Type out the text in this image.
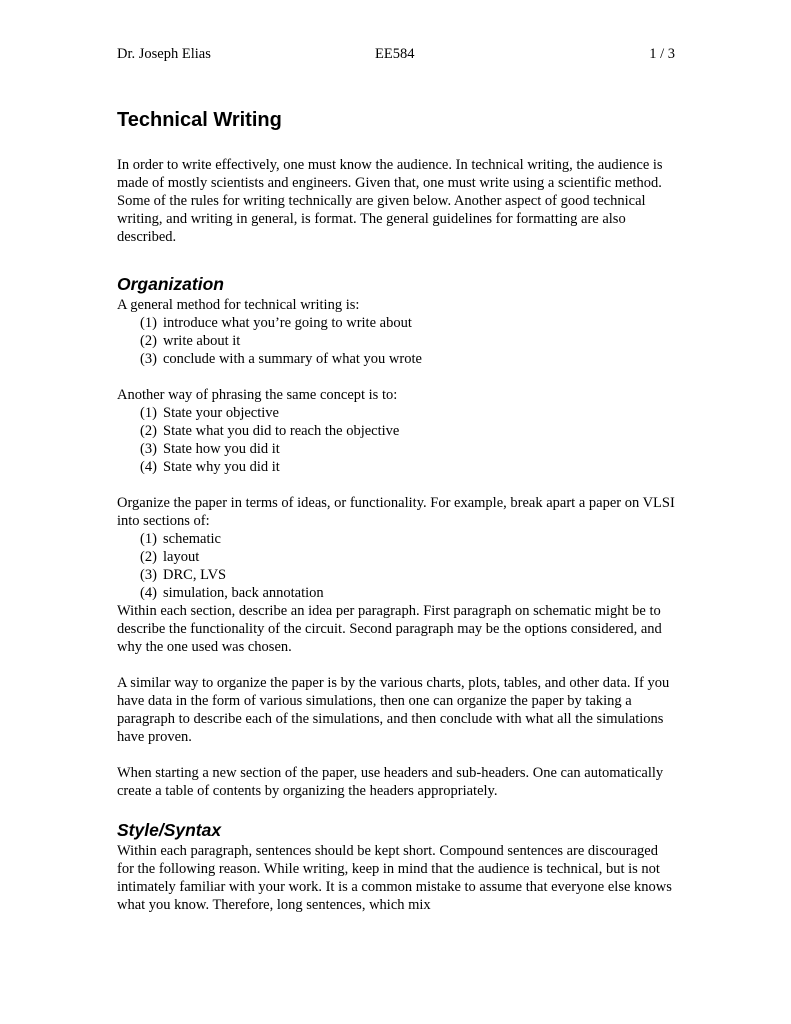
Dr. Joseph Elias	EE584	1 / 3
Technical Writing

In order to write effectively, one must know the audience. In technical writing, the audience is made of mostly scientists and engineers. Given that, one must write using a scientific method. Some of the rules for writing technically are given below. Another aspect of good technical writing, and writing in general, is format. The general guidelines for formatting are also described.

Organization

A general method for technical writing is:

(1) introduce what you’re going to write about
(2) write about it
(3) conclude with a summary of what you wrote

Another way of phrasing the same concept is to:

(1) State your objective
(2) State what you did to reach the objective
(3) State how you did it
(4) State why you did it

Organize the paper in terms of ideas, or functionality. For example, break apart a paper on VLSI into sections of:

(1) schematic
(2) layout
(3) DRC, LVS
(4) simulation, back annotation

Within each section, describe an idea per paragraph. First paragraph on schematic might be to describe the functionality of the circuit. Second paragraph may be the options considered, and why the one used was chosen.

A similar way to organize the paper is by the various charts, plots, tables, and other data. If you have data in the form of various simulations, then one can organize the paper by taking a paragraph to describe each of the simulations, and then conclude with what all the simulations have proven.

When starting a new section of the paper, use headers and sub-headers. One can automatically create a table of contents by organizing the headers appropriately.

Style/Syntax

Within each paragraph, sentences should be kept short. Compound sentences are discouraged for the following reason. While writing, keep in mind that the audience is technical, but is not intimately familiar with your work. It is a common mistake to assume that everyone else knows what you know. Therefore, long sentences, which mix
